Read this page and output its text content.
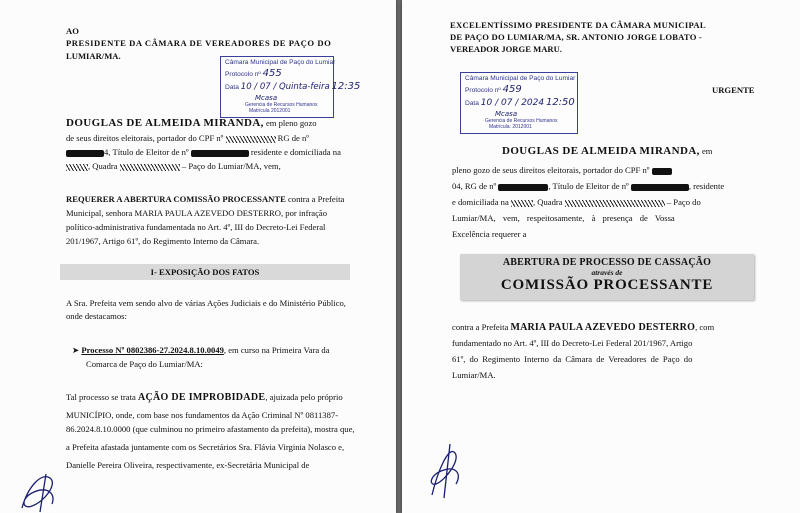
AO
PRESIDENTE DA CÂMARA DE VEREADORES DE PAÇO DO
LUMIAR/MA.
Câmara Municipal de Paço do Lumiar
Protocolo nº 455
Data 10 / 07 / Quinta-feira 12:35
Mcasa
Gerencia de Recursos Humanos
Matrícula 2012001
DOUGLAS DE ALMEIDA MIRANDA, em pleno gozo
de seus direitos eleitorais, portador do CPF nº	RG de nº
4, Título de Eleitor de nº	residente e domiciliada na
, Quadra	– Paço do Lumiar/MA, vem,
REQUERER A ABERTURA COMISSÃO PROCESSANTE contra a Prefeita
Municipal, senhora MARIA PAULA AZEVEDO DESTERRO, por infração
político-administrativa fundamentada no Art. 4º, III do Decreto-Lei Federal
201/1967, Artigo 61º, do Regimento Interno da Câmara.
I- EXPOSIÇÃO DOS FATOS
A Sra. Prefeita vem sendo alvo de várias Ações Judiciais e do Ministério Público,
onde destacamos:
➤ Processo Nº 0802386-27.2024.8.10.0049, em curso na Primeira Vara da
Comarca de Paço do Lumiar/MA:
Tal processo se trata AÇÃO DE IMPROBIDADE, ajuizada pelo próprio
MUNICÍPIO, onde, com base nos fundamentos da Ação Criminal Nº 0811387-
86.2024.8.10.0000 (que culminou no primeiro afastamento da prefeita), mostra que,
a Prefeita afastada juntamente com os Secretários Sra. Flávia Virginia Nolasco e,
Danielle Pereira Oliveira, respectivamente, ex-Secretária Municipal de
EXCELENTÍSSIMO PRESIDENTE DA CÂMARA MUNICIPAL
DE PAÇO DO LUMIAR/MA, SR. ANTONIO JORGE LOBATO -
VEREADOR JORGE MARU.
Câmara Municipal de Paço do Lumiar
Protocolo nº 459
Data 10 / 07 / 2024 12:50
Mcasa
Gerencia de Recursos Humanos
Matrícula: 2012001
URGENTE
DOUGLAS DE ALMEIDA MIRANDA, em
pleno gozo de seus direitos eleitorais, portador do CPF nº
04, RG de nº	, Título de Eleitor de nº	, residente
e domiciliada na	, Quadra	– Paço do
Lumiar/MA, vem, respeitosamente, à presença de Vossa
Excelência requerer a
ABERTURA DE PROCESSO DE CASSAÇÃO
através de
COMISSÃO PROCESSANTE
contra a Prefeita MARIA PAULA AZEVEDO DESTERRO, com
fundamentado no Art. 4º, III do Decreto-Lei Federal 201/1967, Artigo
61º, do Regimento Interno da Câmara de Vereadores de Paço do
Lumiar/MA.
